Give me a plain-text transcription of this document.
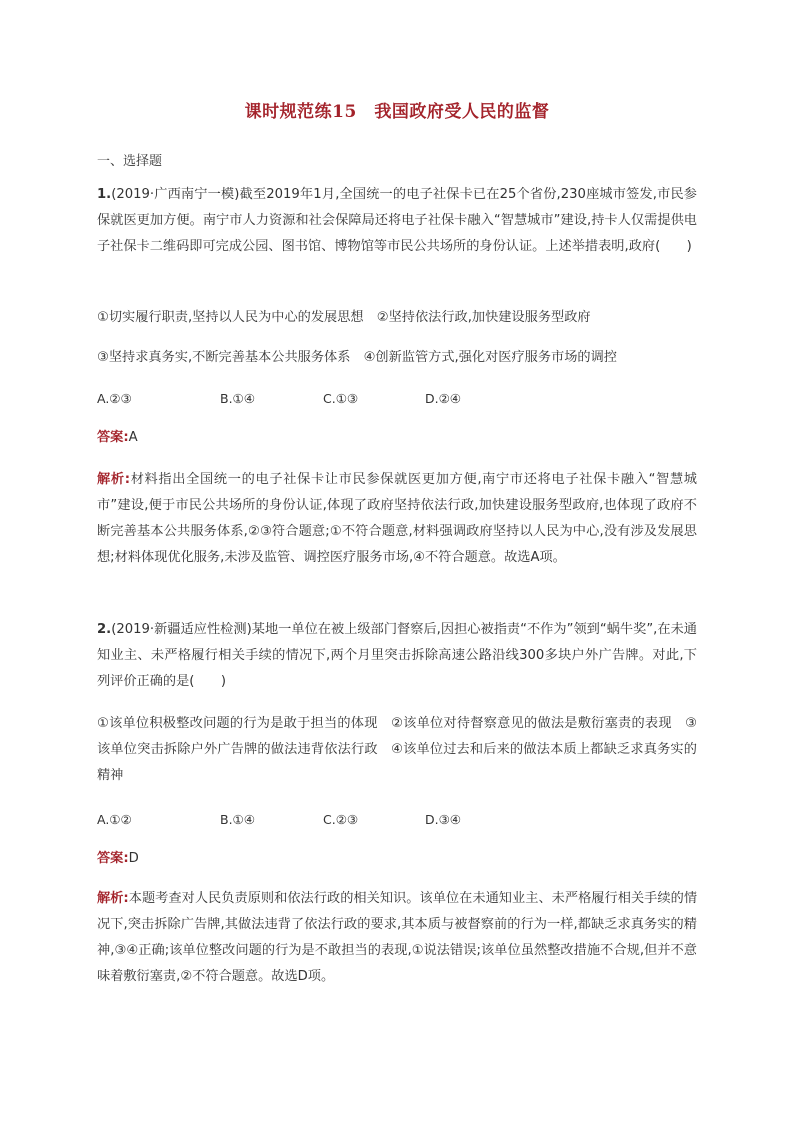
课时规范练15　我国政府受人民的监督
一、选择题
1.(2019·广西南宁一模)截至2019年1月,全国统一的电子社保卡已在25个省份,230座城市签发,市民参保就医更加方便。南宁市人力资源和社会保障局还将电子社保卡融入“智慧城市”建设,持卡人仅需提供电子社保卡二维码即可完成公园、图书馆、博物馆等市民公共场所的身份认证。上述举措表明,政府(　　)
①切实履行职责,坚持以人民为中心的发展思想　②坚持依法行政,加快建设服务型政府
③坚持求真务实,不断完善基本公共服务体系　④创新监管方式,强化对医疗服务市场的调控
A.②③	B.①④	C.①③	D.②④
答案:A
解析:材料指出全国统一的电子社保卡让市民参保就医更加方便,南宁市还将电子社保卡融入“智慧城市”建设,便于市民公共场所的身份认证,体现了政府坚持依法行政,加快建设服务型政府,也体现了政府不断完善基本公共服务体系,②③符合题意;①不符合题意,材料强调政府坚持以人民为中心,没有涉及发展思想;材料体现优化服务,未涉及监管、调控医疗服务市场,④不符合题意。故选A项。
2.(2019·新疆适应性检测)某地一单位在被上级部门督察后,因担心被指责“不作为”领到“蜗牛奖”,在未通知业主、未严格履行相关手续的情况下,两个月里突击拆除高速公路沿线300多块户外广告牌。对此,下列评价正确的是(　　)
①该单位积极整改问题的行为是敢于担当的体现　②该单位对待督察意见的做法是敷衍塞责的表现　③该单位突击拆除户外广告牌的做法违背依法行政　④该单位过去和后来的做法本质上都缺乏求真务实的精神
A.①②	B.①④	C.②③	D.③④
答案:D
解析:本题考查对人民负责原则和依法行政的相关知识。该单位在未通知业主、未严格履行相关手续的情况下,突击拆除广告牌,其做法违背了依法行政的要求,其本质与被督察前的行为一样,都缺乏求真务实的精神,③④正确;该单位整改问题的行为是不敢担当的表现,①说法错误;该单位虽然整改措施不合规,但并不意味着敷衍塞责,②不符合题意。故选D项。
